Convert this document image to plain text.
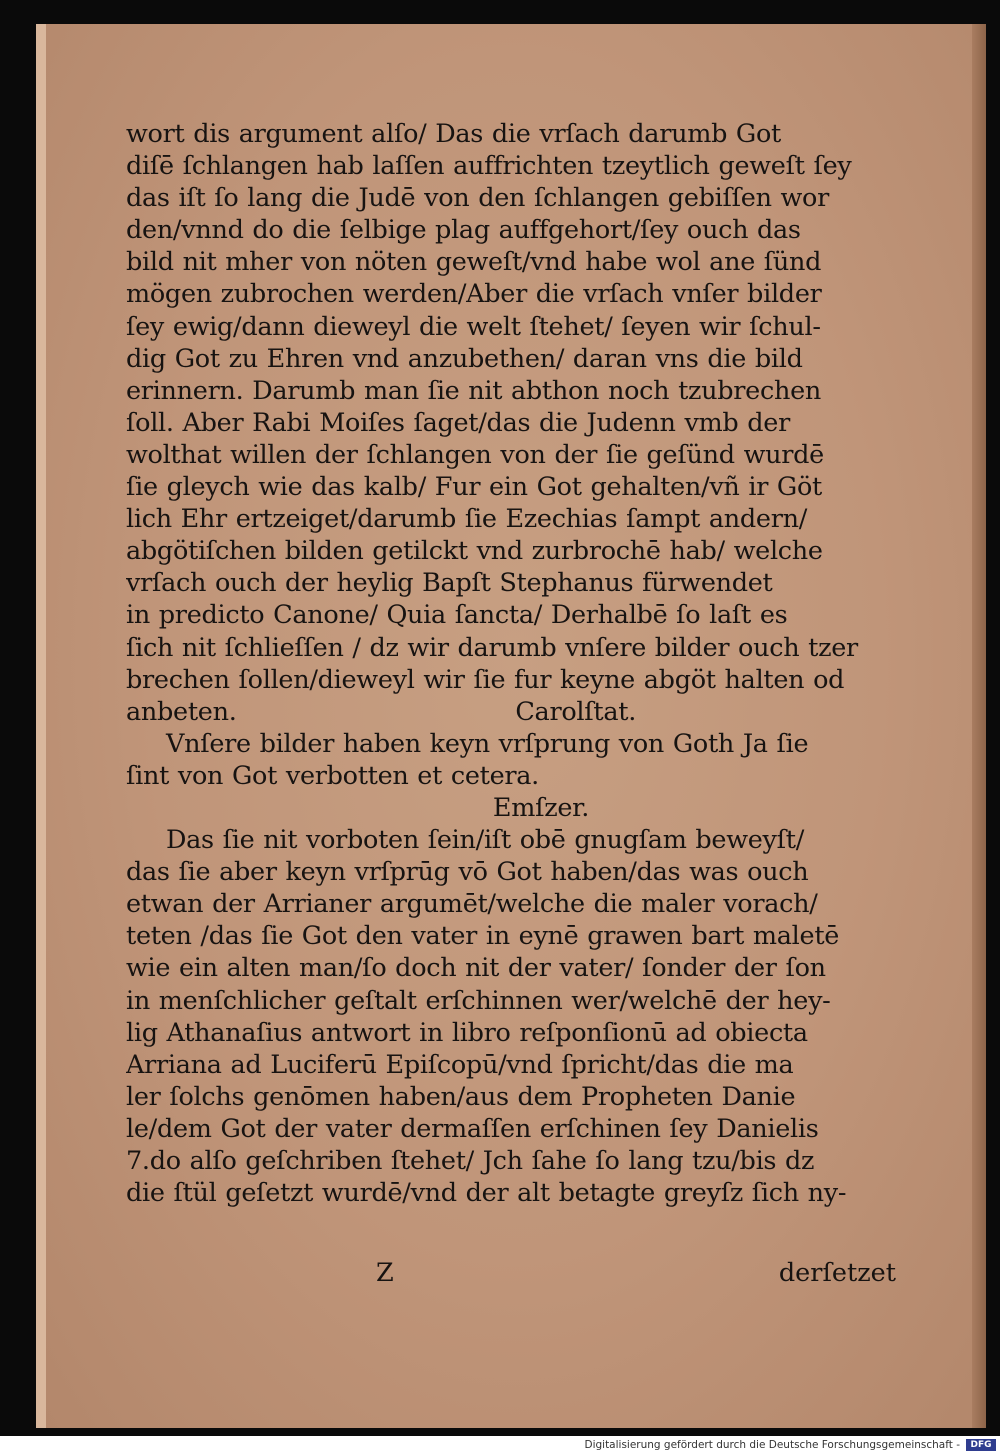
wort dis argument alſo/ Das die vrſach darumb Got
diſē ſchlangen hab laſſen auffrichten tzeytlich geweſt ſey
das iſt ſo lang die Judē von den ſchlangen gebiſſen wor
den/vnnd do die ſelbige plag auffgehort/ſey ouch das
bild nit mher von nöten geweſt/vnd habe wol ane ſünd
mögen zubrochen werden/Aber die vrſach vnſer bilder
ſey ewig/dann dieweyl die welt ſtehet/ ſeyen wir ſchul-
dig Got zu Ehren vnd anzubethen/ daran vns die bild
erinnern. Darumb man ſie nit abthon noch tzubrechen
ſoll. Aber Rabi Moiſes ſaget/das die Judenn vmb der
wolthat willen der ſchlangen von der ſie geſünd wurdē
ſie gleych wie das kalb/ Fur ein Got gehalten/vñ ir Göt
lich Ehr ertzeiget/darumb ſie Ezechias ſampt andern/
abgötiſchen bilden getilckt vnd zurbrochē hab/ welche
vrſach ouch der heylig Bapſt Stephanus fürwendet
in predicto Canone/ Quia ſancta/ Derhalbē ſo laſt es
ſich nit ſchlieſſen / dz wir darumb vnſere bilder ouch tzer
brechen ſollen/dieweyl wir ſie fur keyne abgöt halten od
anbeten.	Carolſtat.
Vnſere bilder haben keyn vrſprung von Goth Ja ſie
ſint von Got verbotten et cetera.
Emſzer.
Das ſie nit vorboten ſein/iſt obē gnugſam beweyſt/
das ſie aber keyn vrſprūg vō Got haben/das was ouch
etwan der Arrianer argumēt/welche die maler vorach/
teten /das ſie Got den vater in eynē grawen bart maletē
wie ein alten man/ſo doch nit der vater/ ſonder der ſon
in menſchlicher geſtalt erſchinnen wer/welchē der hey-
lig Athanaſius antwort in libro reſponſionū ad obiecta
Arriana ad Luciferū Epiſcopū/vnd ſpricht/das die ma
ler ſolchs genōmen haben/aus dem Propheten Danie
le/dem Got der vater dermaſſen erſchinen ſey Danielis
7.do alſo geſchriben ſtehet/ Jch ſahe ſo lang tzu/bis dz
die ſtül geſetzt wurdē/vnd der alt betagte greyſz ſich ny-
Z	derſetzet
Digitalisierung gefördert durch die Deutsche Forschungsgemeinschaft -	DFG
